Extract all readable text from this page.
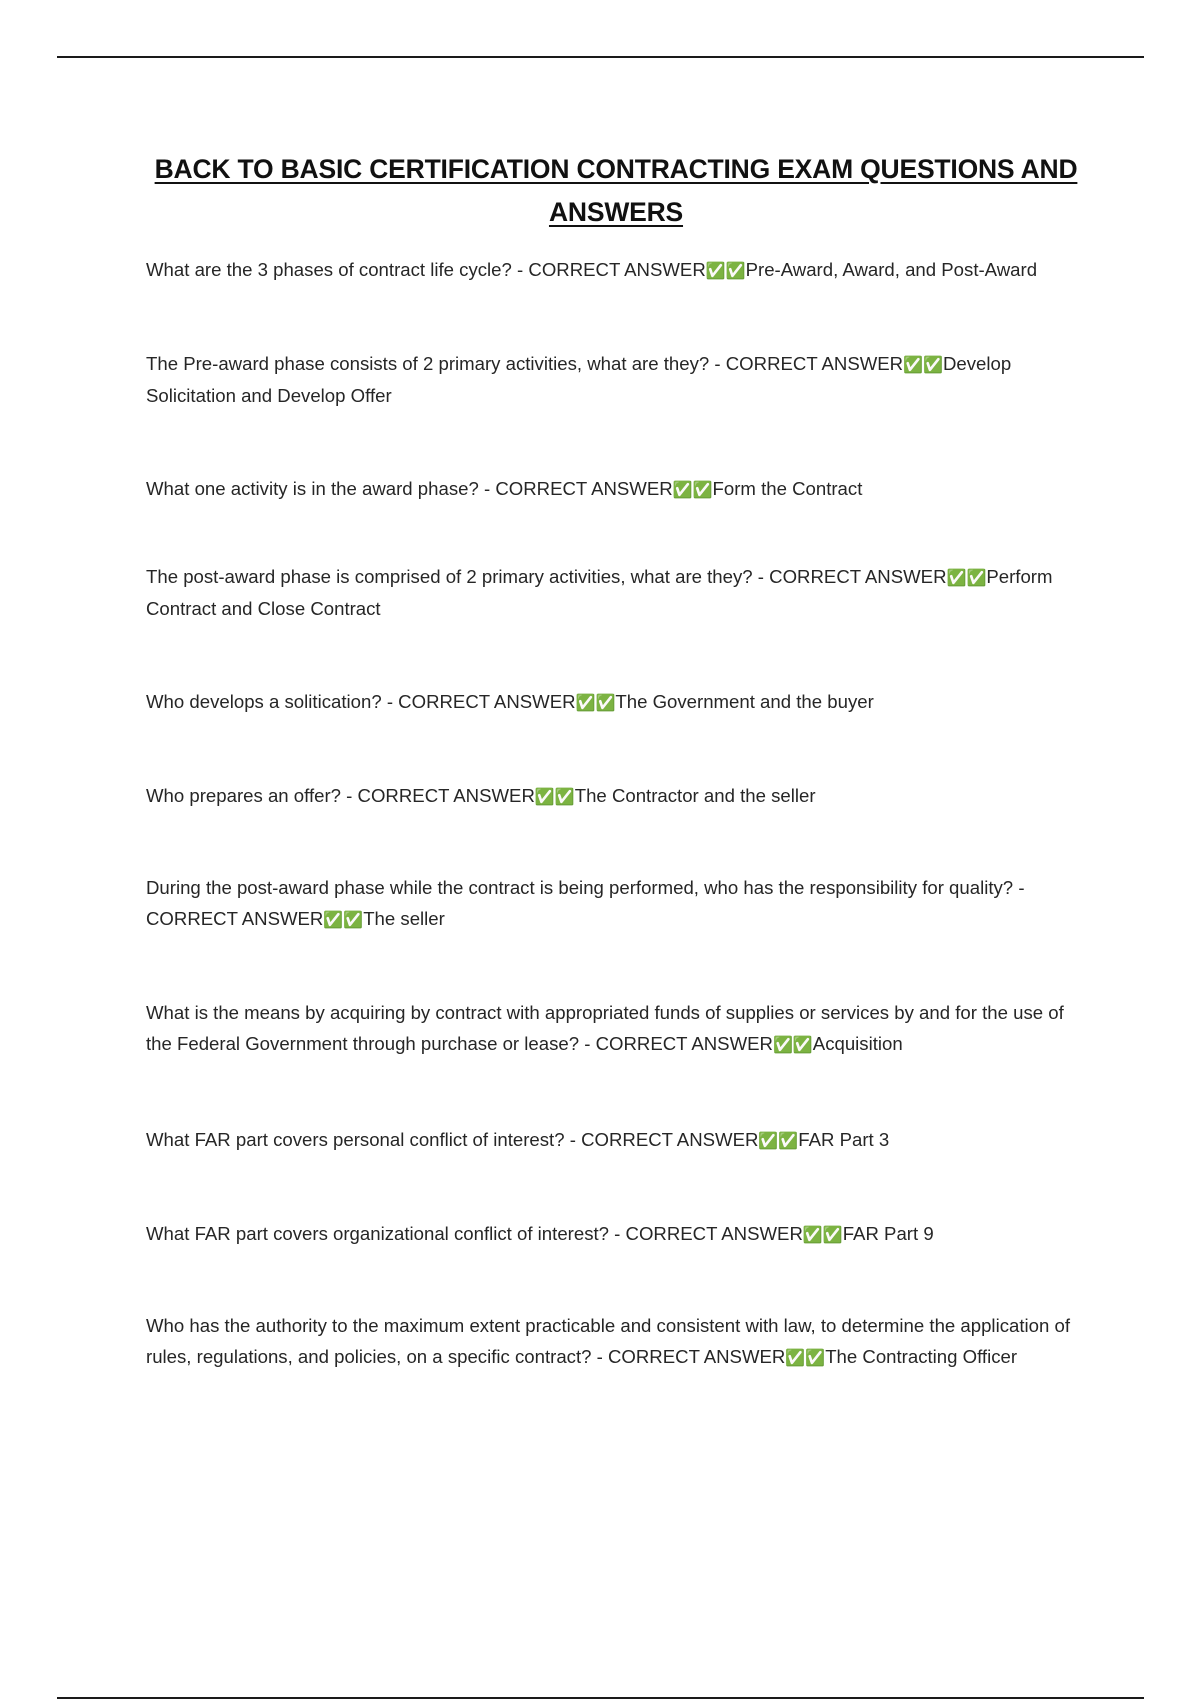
BACK TO BASIC CERTIFICATION CONTRACTING EXAM QUESTIONS AND ANSWERS

What are the 3 phases of contract life cycle? - CORRECT ANSWER✅✅Pre-Award, Award, and Post-Award

The Pre-award phase consists of 2 primary activities, what are they? - CORRECT ANSWER✅✅Develop Solicitation and Develop Offer

What one activity is in the award phase? - CORRECT ANSWER✅✅Form the Contract

The post-award phase is comprised of 2 primary activities, what are they? - CORRECT ANSWER✅✅Perform Contract and Close Contract

Who develops a solitication? - CORRECT ANSWER✅✅The Government and the buyer

Who prepares an offer? - CORRECT ANSWER✅✅The Contractor and the seller

During the post-award phase while the contract is being performed, who has the responsibility for quality? - CORRECT ANSWER✅✅The seller

What is the means by acquiring by contract with appropriated funds of supplies or services by and for the use of the Federal Government through purchase or lease? - CORRECT ANSWER✅✅Acquisition

What FAR part covers personal conflict of interest? - CORRECT ANSWER✅✅FAR Part 3

What FAR part covers organizational conflict of interest? - CORRECT ANSWER✅✅FAR Part 9

Who has the authority to the maximum extent practicable and consistent with law, to determine the application of rules, regulations, and policies, on a specific contract? - CORRECT ANSWER✅✅The Contracting Officer
